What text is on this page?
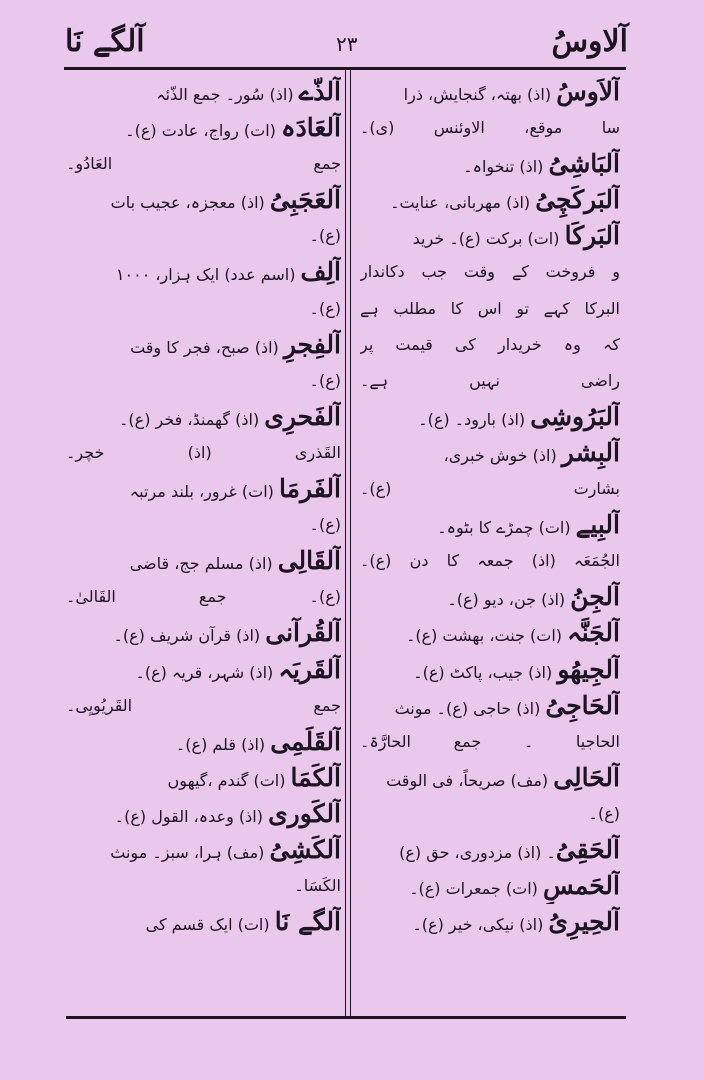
آلاوسُ
۲۳
آلگے نَا
آلاَوسُ (اذ) بهتہ، گنجایش، ذرا
سا موقع، الاوئنس (ی)۔
آلبَاشِیُ (اذ) تنخواہ۔
آلبَرکَچِیُ (اذ) مهربانی، عنایت۔
آلبَرکَا (ات) برکت (ع)۔ خرید
و فروخت کے وقت جب دکاندار
البرکا کہے تو اس کا مطلب ہے
کہ وہ خریدار کی قیمت پر
راضی نہیں ہے۔
آلبَرُوشِی (اذ) بارود۔ (ع)۔
آلبِشر (اذ) خوش خبری،
بشارت (ع)۔
آلبِیے (ات) چمڑے کا بٹوہ۔
الجُمَعَہ (اذ) جمعہ کا دن (ع)۔
آلجِنُ (اذ) جن، دیو (ع)۔
آلجَنَّہ (ات) جنت، بهشت (ع)۔
آلجِیهُو (اذ) جیب، پاکٹ (ع)۔
آلحَاجِیُ (اذ) حاجی (ع)۔ مونث
الحاجیا ۔ جمع الحارَّۃ۔
آلحَالِی (مف) صریحاً، فی الوقت
(ع)۔
آلحَقِیُ۔ (اذ) مزدوری، حق (ع)
آلحَمسِ (ات) جمعرات (ع)۔
آلحِیرِیُ (اذ) نیکی، خیر (ع)۔
آلذّے (اذ) سُور۔ جمع الذّئہ
آلعَادَہ (ات) رواج، عادت (ع)۔
جمع العَادُو۔
آلعَجَبِیُ (اذ) معجزہ، عجیب بات
(ع)۔
آلِف (اسم عدد) ایک ہزار، ۱۰۰۰
(ع)۔
آلفِجرِ (اذ) صبح، فجر کا وقت
(ع)۔
آلفَحرِی (اذ) گهمنڈ، فخر (ع)۔
القَذری (اذ) خچر۔
آلفَرمَا (ات) غرور، بلند مرتبہ
(ع)۔
آلقَالِی (اذ) مسلم جج، قاضی
(ع)۔ جمع القَالیٰ۔
آلقُرآنی (اذ) قرآن شریف (ع)۔
آلقَریَہ (اذ) شہر، قریہ (ع)۔
جمع القَریُویِی۔
آلقَلَمِی (اذ) قلم (ع)۔
آلکَمَا (ات) گندم ،گیهوں
آلکَوری (اذ) وعدہ، القول (ع)۔
آلکَشِیُ (مف) ہرا، سبز۔ مونث
الکَسَا۔
آلگے نَا (ات) ایک قسم کی
